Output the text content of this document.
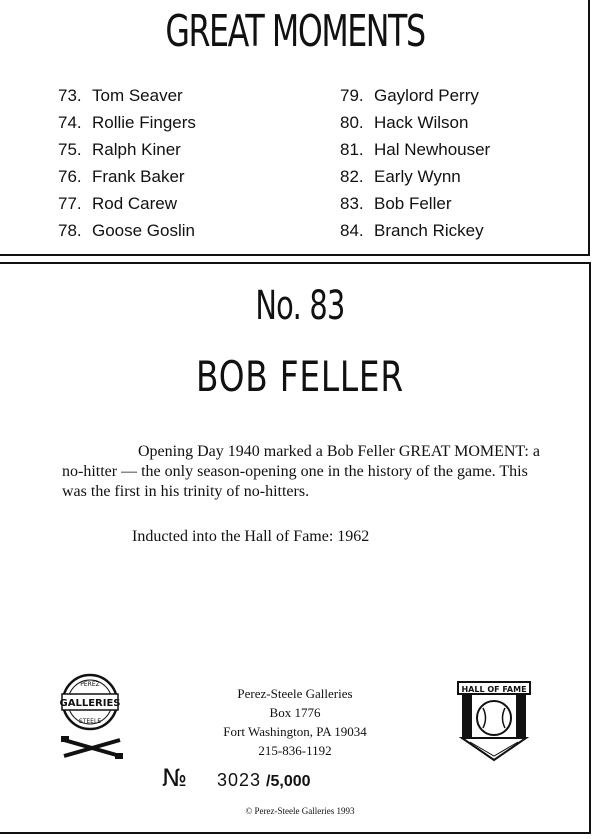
GREAT MOMENTS
73. Tom Seaver
74. Rollie Fingers
75. Ralph Kiner
76. Frank Baker
77. Rod Carew
78. Goose Goslin
79. Gaylord Perry
80. Hack Wilson
81. Hal Newhouser
82. Early Wynn
83. Bob Feller
84. Branch Rickey
No. 83
BOB FELLER

Opening Day 1940 marked a Bob Feller GREAT MOMENT: a no-hitter — the only season-opening one in the history of the game. This was the first in his trinity of no-hitters.

Inducted into the Hall of Fame: 1962
GALLERIES
PEREZ
STEELE
Perez-Steele Galleries
Box 1776
Fort Washington, PA 19034
215-836-1192
HALL OF FAME
№ 3023 /5,000
© Perez-Steele Galleries 1993
